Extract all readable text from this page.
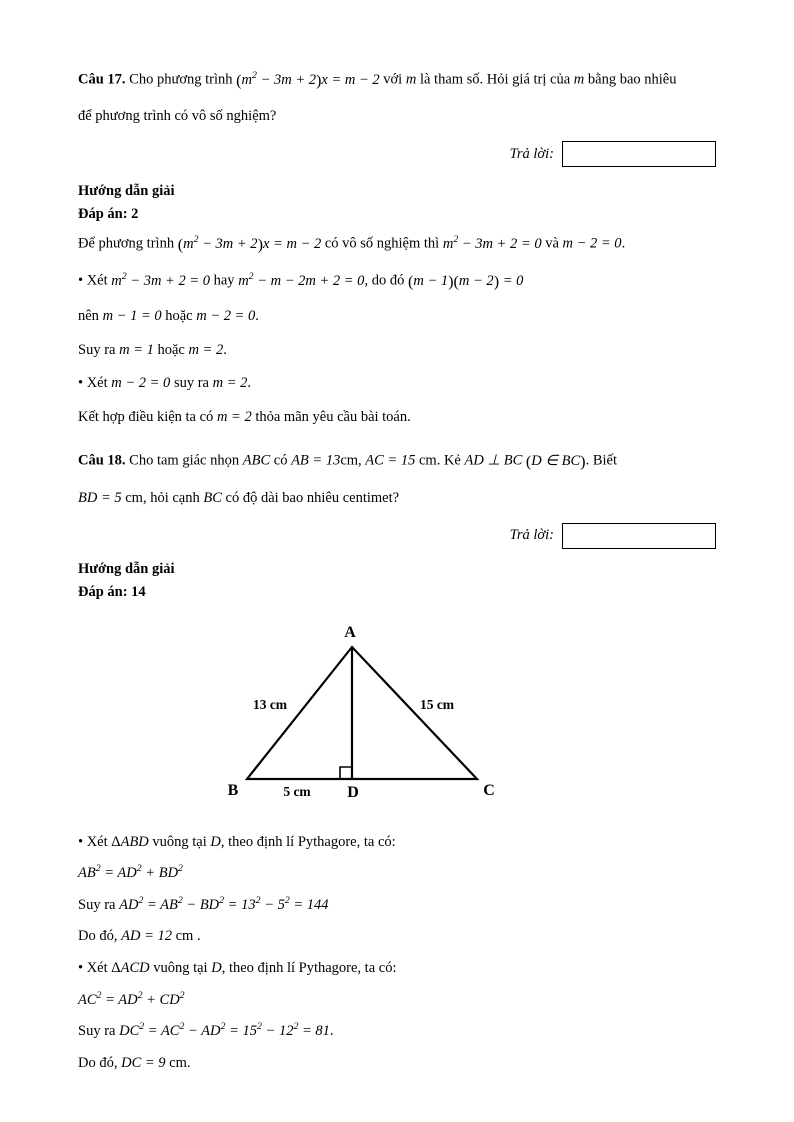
Câu 17. Cho phương trình $(m^2 - 3m + 2)x = m - 2$ với m là tham số. Hỏi giá trị của m bằng bao nhiêu
để phương trình có vô số nghiệm?
Trả lời:
Hướng dẫn giải
Đáp án: 2
Để phương trình $(m^2 - 3m + 2)x = m - 2$ có vô số nghiệm thì $m^2 - 3m + 2 = 0$ và m − 2 = 0.
• Xét $m^2 - 3m + 2 = 0$ hay $m^2 - m - 2m + 2 = 0$, do đó (m − 1)(m − 2) = 0
nên m − 1 = 0 hoặc m − 2 = 0.
Suy ra m = 1 hoặc m = 2.
• Xét m − 2 = 0 suy ra m = 2.
Kết hợp điều kiện ta có m = 2 thỏa mãn yêu cầu bài toán.
Câu 18. Cho tam giác nhọn ABC có AB = 13cm, AC = 15 cm. Kẻ AD ⊥ BC (D ∈ BC). Biết
BD = 5 cm, hỏi cạnh BC có độ dài bao nhiêu centimet?
Trả lời:
Hướng dẫn giải
Đáp án: 14
A
B	C
D
13 cm	15 cm
5 cm
• Xét ΔABD vuông tại D, theo định lí Pythagore, ta có:
$AB^2 = AD^2 + BD^2$
Suy ra $AD^2 = AB^2 - BD^2 = 13^2 - 5^2 = 144$
Do đó, AD = 12 cm .
• Xét ΔACD vuông tại D, theo định lí Pythagore, ta có:
$AC^2 = AD^2 + CD^2$
Suy ra $DC^2 = AC^2 - AD^2 = 15^2 - 12^2 = 81$.
Do đó, DC = 9 cm.
